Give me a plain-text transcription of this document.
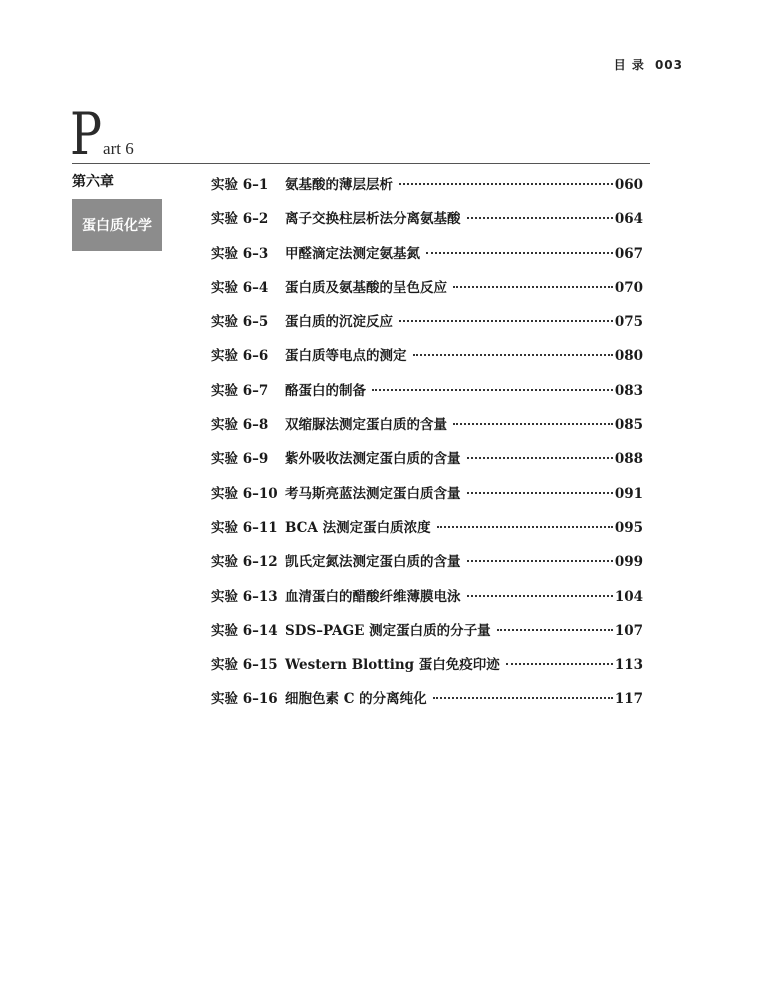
目 录 003
P art 6
第六章
蛋白质化学
实验 6–1	氨基酸的薄层层析	060
实验 6–2	离子交换柱层析法分离氨基酸	064
实验 6–3	甲醛滴定法测定氨基氮	067
实验 6–4	蛋白质及氨基酸的呈色反应	070
实验 6–5	蛋白质的沉淀反应	075
实验 6–6	蛋白质等电点的测定	080
实验 6–7	酪蛋白的制备	083
实验 6–8	双缩脲法测定蛋白质的含量	085
实验 6–9	紫外吸收法测定蛋白质的含量	088
实验 6–10 考马斯亮蓝法测定蛋白质含量	091
实验 6–11 BCA 法测定蛋白质浓度	095
实验 6–12 凯氏定氮法测定蛋白质的含量	099
实验 6–13 血清蛋白的醋酸纤维薄膜电泳	104
实验 6–14 SDS–PAGE 测定蛋白质的分子量	107
实验 6–15 Western Blotting 蛋白免疫印迹	113
实验 6–16 细胞色素 C 的分离纯化	117
